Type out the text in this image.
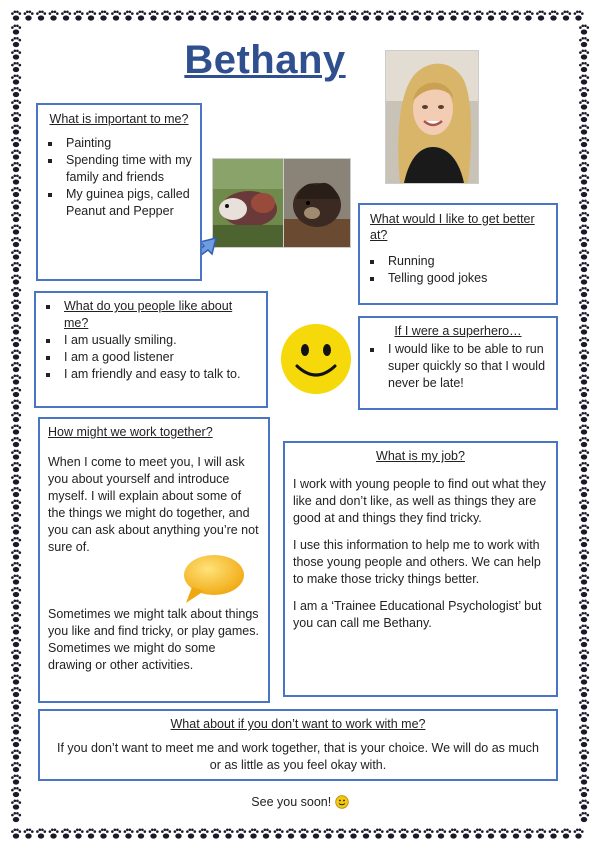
Bethany
What is important to me?
▪ Painting
▪ Spending time with my family and friends
▪ My guinea pigs, called Peanut and Pepper
What would I like to get better at?
▪ Running
▪ Telling good jokes
▪ What do you people like about me?
▪ I am usually smiling.
▪ I am a good listener
▪ I am friendly and easy to talk to.
If I were a superhero…
▪ I would like to be able to run super quickly so that I would never be late!
How might we work together?

When I come to meet you, I will ask you about yourself and introduce myself. I will explain about some of the things we might do together, and you can ask about anything you’re not sure of.

Sometimes we might talk about things you like and find tricky, or play games. Sometimes we might do some drawing or other activities.

What is my job?

I work with young people to find out what they like and don’t like, as well as things they are good at and things they find tricky.

I use this information to help me to work with those young people and others. We can help to make those tricky things better.

I am a ‘Trainee Educational Psychologist’ but you can call me Bethany.

What about if you don’t want to work with me?

If you don’t want to meet me and work together, that is your choice. We will do as much or as little as you feel okay with.

See you soon!
